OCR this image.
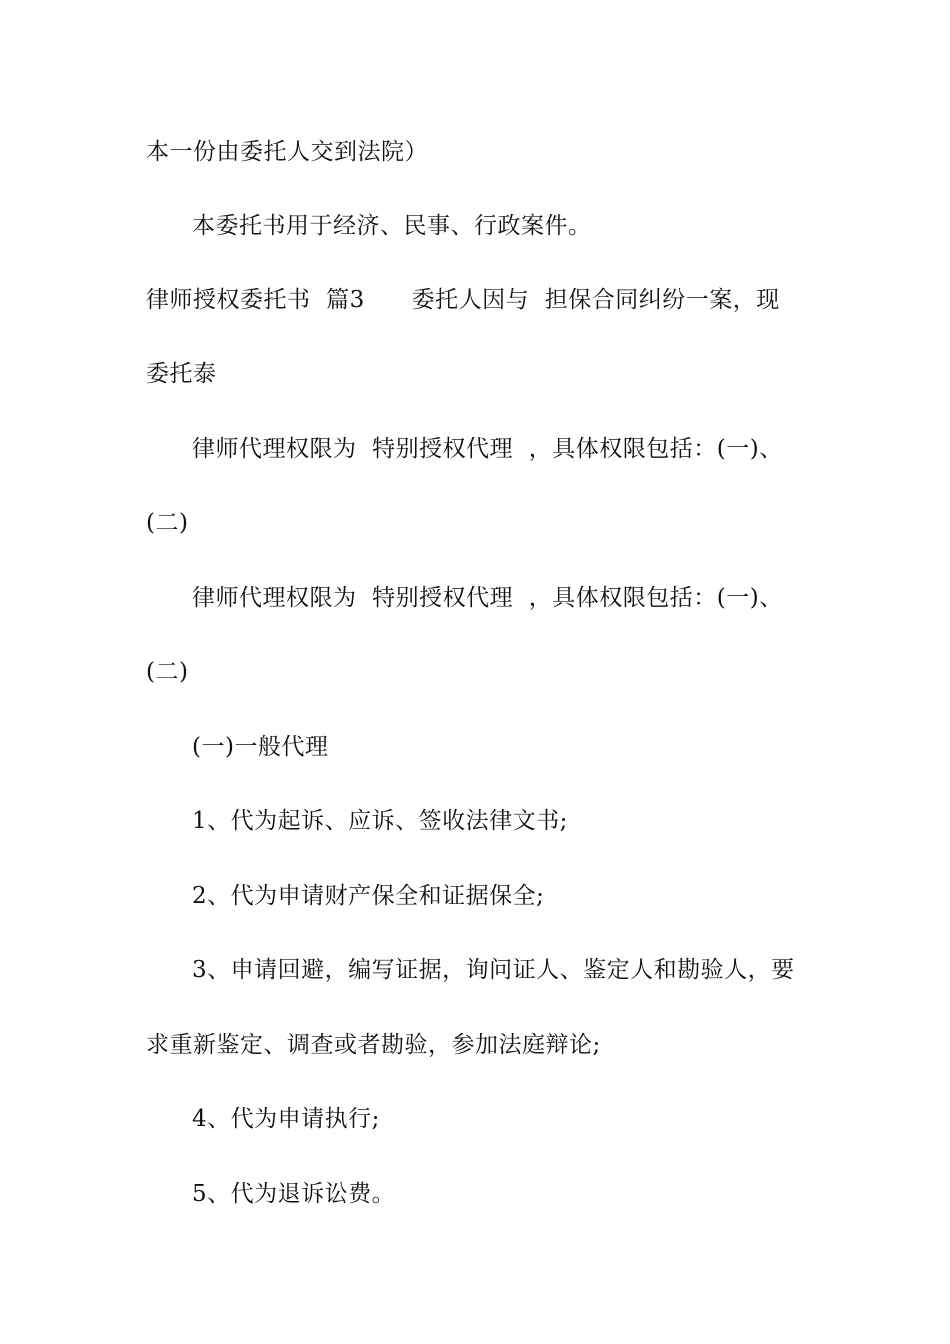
本一份由委托人交到法院）
本委托书用于经济、民事、行政案件。
律师授权委托书  篇3      委托人因与  担保合同纠纷一案，现
委托泰
律师代理权限为  特别授权代理  ，具体权限包括：(一)、
(二)
律师代理权限为  特别授权代理  ，具体权限包括：(一)、
(二)
(一)一般代理
1、代为起诉、应诉、签收法律文书;
2、代为申请财产保全和证据保全;
3、申请回避，编写证据，询问证人、鉴定人和勘验人，要
求重新鉴定、调查或者勘验，参加法庭辩论;
4、代为申请执行;
5、代为退诉讼费。
